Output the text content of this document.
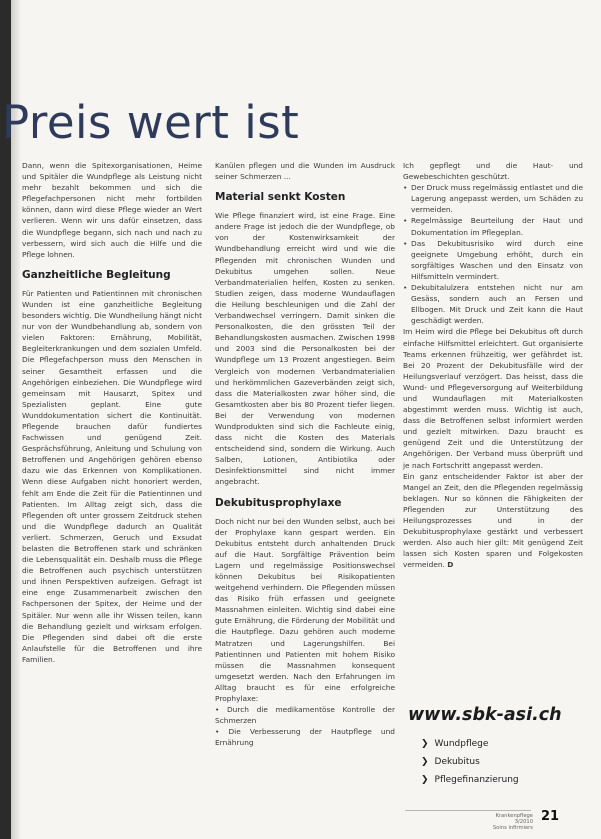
Preis wert ist

Dann, wenn die Spitexorganisationen, Heime und Spitäler die Wundpflege als Leistung nicht mehr bezahlt bekommen und sich die Pflegefachpersonen nicht mehr fortbilden können, dann wird diese Pflege wieder an Wert verlieren. Wenn wir uns dafür einsetzen, dass die Wundpflege begann, sich nach und nach zu verbessern, wird sich auch die Hilfe und die Pflege lohnen.

Ganzheitliche Begleitung

Für Patienten und Patientinnen mit chronischen Wunden ist eine ganzheitliche Begleitung besonders wichtig. Die Wundheilung hängt nicht nur von der Wundbehandlung ab, sondern von vielen Faktoren: Ernährung, Mobilität, Begleiterkrankungen und dem sozialen Umfeld. Die Pflegefachperson muss den Menschen in seiner Gesamtheit erfassen und die Angehörigen einbeziehen. Die Wundpflege wird gemeinsam mit Hausarzt, Spitex und Spezialisten geplant. Eine gute Wunddokumentation sichert die Kontinuität. Pflegende brauchen dafür fundiertes Fachwissen und genügend Zeit. Gesprächsführung, Anleitung und Schulung von Betroffenen und Angehörigen gehören ebenso dazu wie das Erkennen von Komplikationen. Wenn diese Aufgaben nicht honoriert werden, fehlt am Ende die Zeit für die Patientinnen und Patienten. Im Alltag zeigt sich, dass die Pflegenden oft unter grossem Zeitdruck stehen und die Wundpflege dadurch an Qualität verliert. Schmerzen, Geruch und Exsudat belasten die Betroffenen stark und schränken die Lebensqualität ein. Deshalb muss die Pflege die Betroffenen auch psychisch unterstützen und ihnen Perspektiven aufzeigen. Gefragt ist eine enge Zusammenarbeit zwischen den Fachpersonen der Spitex, der Heime und der Spitäler. Nur wenn alle ihr Wissen teilen, kann die Behandlung gezielt und wirksam erfolgen. Die Pflegenden sind dabei oft die erste Anlaufstelle für die Betroffenen und ihre Familien.

Kanülen pflegen und die Wunden im Ausdruck seiner Schmerzen ...

Material senkt Kosten

Wie Pflege finanziert wird, ist eine Frage. Eine andere Frage ist jedoch die der Wundpflege, ob von der Kostenwirksamkeit der Wundbehandlung erreicht wird und wie die Pflegenden mit chronischen Wunden und Dekubitus umgehen sollen. Neue Verbandmaterialien helfen, Kosten zu senken. Studien zeigen, dass moderne Wundauflagen die Heilung beschleunigen und die Zahl der Verbandwechsel verringern. Damit sinken die Personalkosten, die den grössten Teil der Behandlungskosten ausmachen. Zwischen 1998 und 2003 sind die Personalkosten bei der Wundpflege um 13 Prozent angestiegen. Beim Vergleich von modernen Verbandmaterialien und herkömmlichen Gazeverbänden zeigt sich, dass die Materialkosten zwar höher sind, die Gesamtkosten aber bis 80 Prozent tiefer liegen. Bei der Verwendung von modernen Wundprodukten sind sich die Fachleute einig, dass nicht die Kosten des Materials entscheidend sind, sondern die Wirkung. Auch Salben, Lotionen, Antibiotika oder Desinfektionsmittel sind nicht immer angebracht.

Dekubitusprophylaxe

Doch nicht nur bei den Wunden selbst, auch bei der Prophylaxe kann gespart werden. Ein Dekubitus entsteht durch anhaltenden Druck auf die Haut. Sorgfältige Prävention beim Lagern und regelmässige Positionswechsel können Dekubitus bei Risikopatienten weitgehend verhindern. Die Pflegenden müssen das Risiko früh erfassen und geeignete Massnahmen einleiten. Wichtig sind dabei eine gute Ernährung, die Förderung der Mobilität und die Hautpflege. Dazu gehören auch moderne Matratzen und Lagerungshilfen. Bei Patientinnen und Patienten mit hohem Risiko müssen die Massnahmen konsequent umgesetzt werden. Nach den Erfahrungen im Alltag braucht es für eine erfolgreiche Prophylaxe:

• Durch die medikamentöse Kontrolle der Schmerzen

• Die Verbesserung der Hautpflege und Ernährung

Ich gepflegt und die Haut- und Gewebeschichten geschützt.

• Der Druck muss regelmässig entlastet und die Lagerung angepasst werden, um Schäden zu vermeiden.
• Regelmässige Beurteilung der Haut und Dokumentation im Pflegeplan.
• Das Dekubitusrisiko wird durch eine geeignete Umgebung erhöht, durch ein sorgfältiges Waschen und den Einsatz von Hilfsmitteln vermindert.
• Dekubitalulzera entstehen nicht nur am Gesäss, sondern auch an Fersen und Ellbogen. Mit Druck und Zeit kann die Haut geschädigt werden.

Im Heim wird die Pflege bei Dekubitus oft durch einfache Hilfsmittel erleichtert. Gut organisierte Teams erkennen frühzeitig, wer gefährdet ist. Bei 20 Prozent der Dekubitusfälle wird der Heilungsverlauf verzögert. Das heisst, dass die Wund- und Pflegeversorgung auf Weiterbildung und Wundauflagen mit Materialkosten abgestimmt werden muss. Wichtig ist auch, dass die Betroffenen selbst informiert werden und gezielt mitwirken. Dazu braucht es genügend Zeit und die Unterstützung der Angehörigen. Der Verband muss überprüft und je nach Fortschritt angepasst werden.

Ein ganz entscheidender Faktor ist aber der Mangel an Zeit, den die Pflegenden regelmässig beklagen. Nur so können die Fähigkeiten der Pflegenden zur Unterstützung des Heilungsprozesses und in der Dekubitusprophylaxe gestärkt und verbessert werden. Also auch hier gilt: Mit genügend Zeit lassen sich Kosten sparen und Folgekosten vermeiden. D

www.sbk-asi.ch
❯ Wundpflege
❯ Dekubitus
❯ Pflegefinanzierung
Krankenpflege 3/2010
Soins infirmiers
21
